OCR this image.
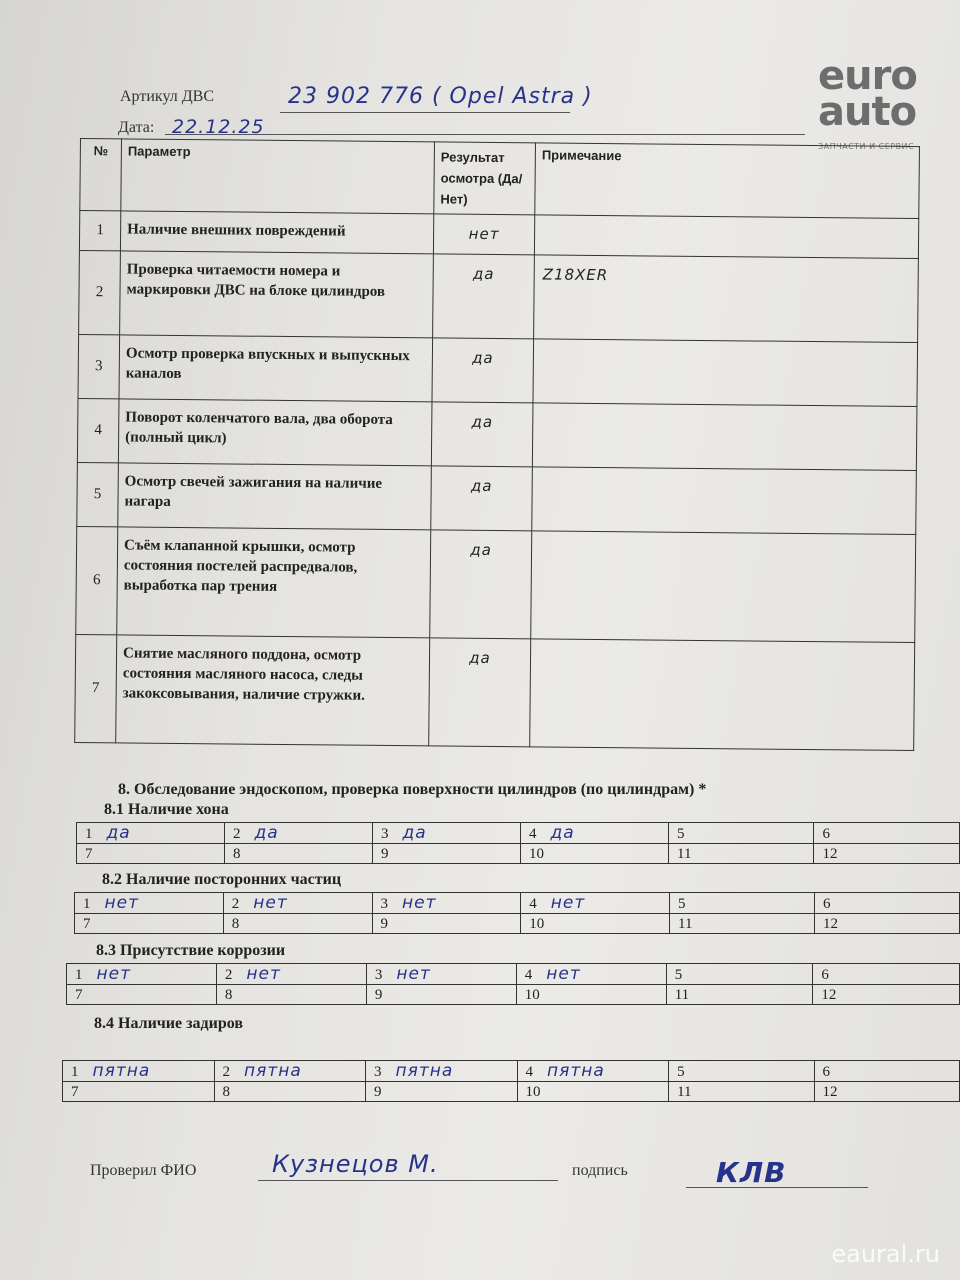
euro
auto
ЗАПЧАСТИ И СЕРВИС
Артикул ДВС	23 902 776 ( Opel Astra )
Дата: 22.12.25
№	Параметр	Результат осмотра (Да/Нет)	Примечание
1	Наличие внешних повреждений	нет	
2	Проверка читаемости номера и маркировки ДВС на блоке цилиндров	да	Z18XER
3	Осмотр проверка впускных и выпускных каналов	да	
4	Поворот коленчатого вала, два оборота (полный цикл)	да	
5	Осмотр свечей зажигания на наличие нагара	да	
6	Съём клапанной крышки, осмотр состояния постелей распредвалов, выработка пар трения	да	
7	Снятие масляного поддона, осмотр состояния масляного насоса, следы закоксовывания, наличие стружки.	да	
8. Обследование эндоскопом, проверка поверхности цилиндров (по цилиндрам) *
8.1 Наличие хона
1 да	2 да	3 да	4 да	5	6
7	8	9	10	11	12
8.2 Наличие посторонних частиц
1 нет	2 нет	3 нет	4 нет	5	6
7	8	9	10	11	12
8.3 Присутствие коррозии
1 нет	2 нет	3 нет	4 нет	5	6
7	8	9	10	11	12
8.4 Наличие задиров
1 пятна	2 пятна	3 пятна	4 пятна	5	6
7	8	9	10	11	12
Проверил ФИО	Кузнецов М.	подпись	КЛВ
eaural.ru
